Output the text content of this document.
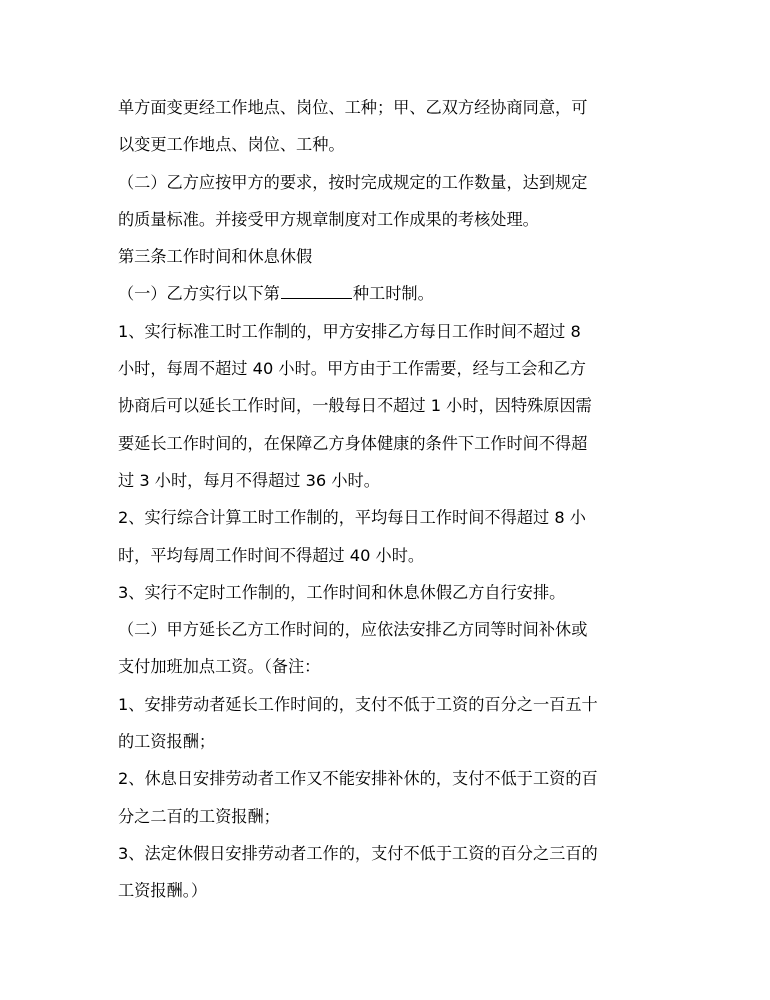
单方面变更经工作地点、岗位、工种；甲、乙双方经协商同意，可
以变更工作地点、岗位、工种。
（二）乙方应按甲方的要求，按时完成规定的工作数量，达到规定
的质量标准。并接受甲方规章制度对工作成果的考核处理。
第三条工作时间和休息休假
（一）乙方实行以下第	种工时制。
1、实行标准工时工作制的，甲方安排乙方每日工作时间不超过 8
小时，每周不超过 40 小时。甲方由于工作需要，经与工会和乙方
协商后可以延长工作时间，一般每日不超过 1 小时，因特殊原因需
要延长工作时间的，在保障乙方身体健康的条件下工作时间不得超
过 3 小时，每月不得超过 36 小时。
2、实行综合计算工时工作制的，平均每日工作时间不得超过 8 小
时，平均每周工作时间不得超过 40 小时。
3、实行不定时工作制的，工作时间和休息休假乙方自行安排。
（二）甲方延长乙方工作时间的，应依法安排乙方同等时间补休或
支付加班加点工资。（备注：
1、安排劳动者延长工作时间的，支付不低于工资的百分之一百五十
的工资报酬；
2、休息日安排劳动者工作又不能安排补休的，支付不低于工资的百
分之二百的工资报酬；
3、法定休假日安排劳动者工作的，支付不低于工资的百分之三百的
工资报酬。）
